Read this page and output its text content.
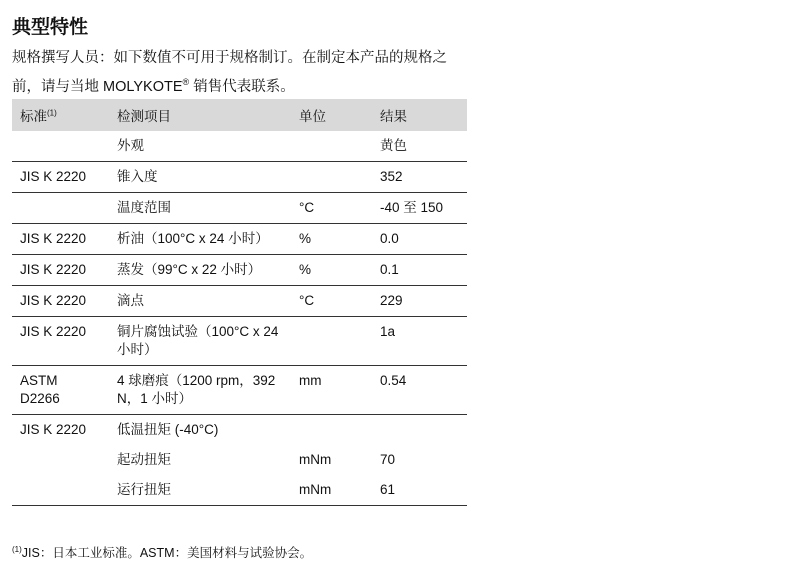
典型特性

规格撰写人员：如下数值不可用于规格制订。在制定本产品的规格之前，请与当地 MOLYKOTE® 销售代表联系。

标准$^{(1)}$	检测项目	单位	结果
	外观		黄色
JIS K 2220	锥入度		352
	温度范围	°C	-40 至 150
JIS K 2220	析油（100°C x 24 小时）	%	0.0
JIS K 2220	蒸发（99°C x 22 小时）	%	0.1
JIS K 2220	滴点	°C	229
JIS K 2220	铜片腐蚀试验（100°C x 24 小时）		1a
ASTM D2266	4 球磨痕（1200 rpm，392 N，1 小时）	mm	0.54
JIS K 2220	低温扭矩 (-40°C)		
	起动扭矩	mNm	70
	运行扭矩	mNm	61

$^{(1)}$JIS：日本工业标准。ASTM：美国材料与试验协会。
